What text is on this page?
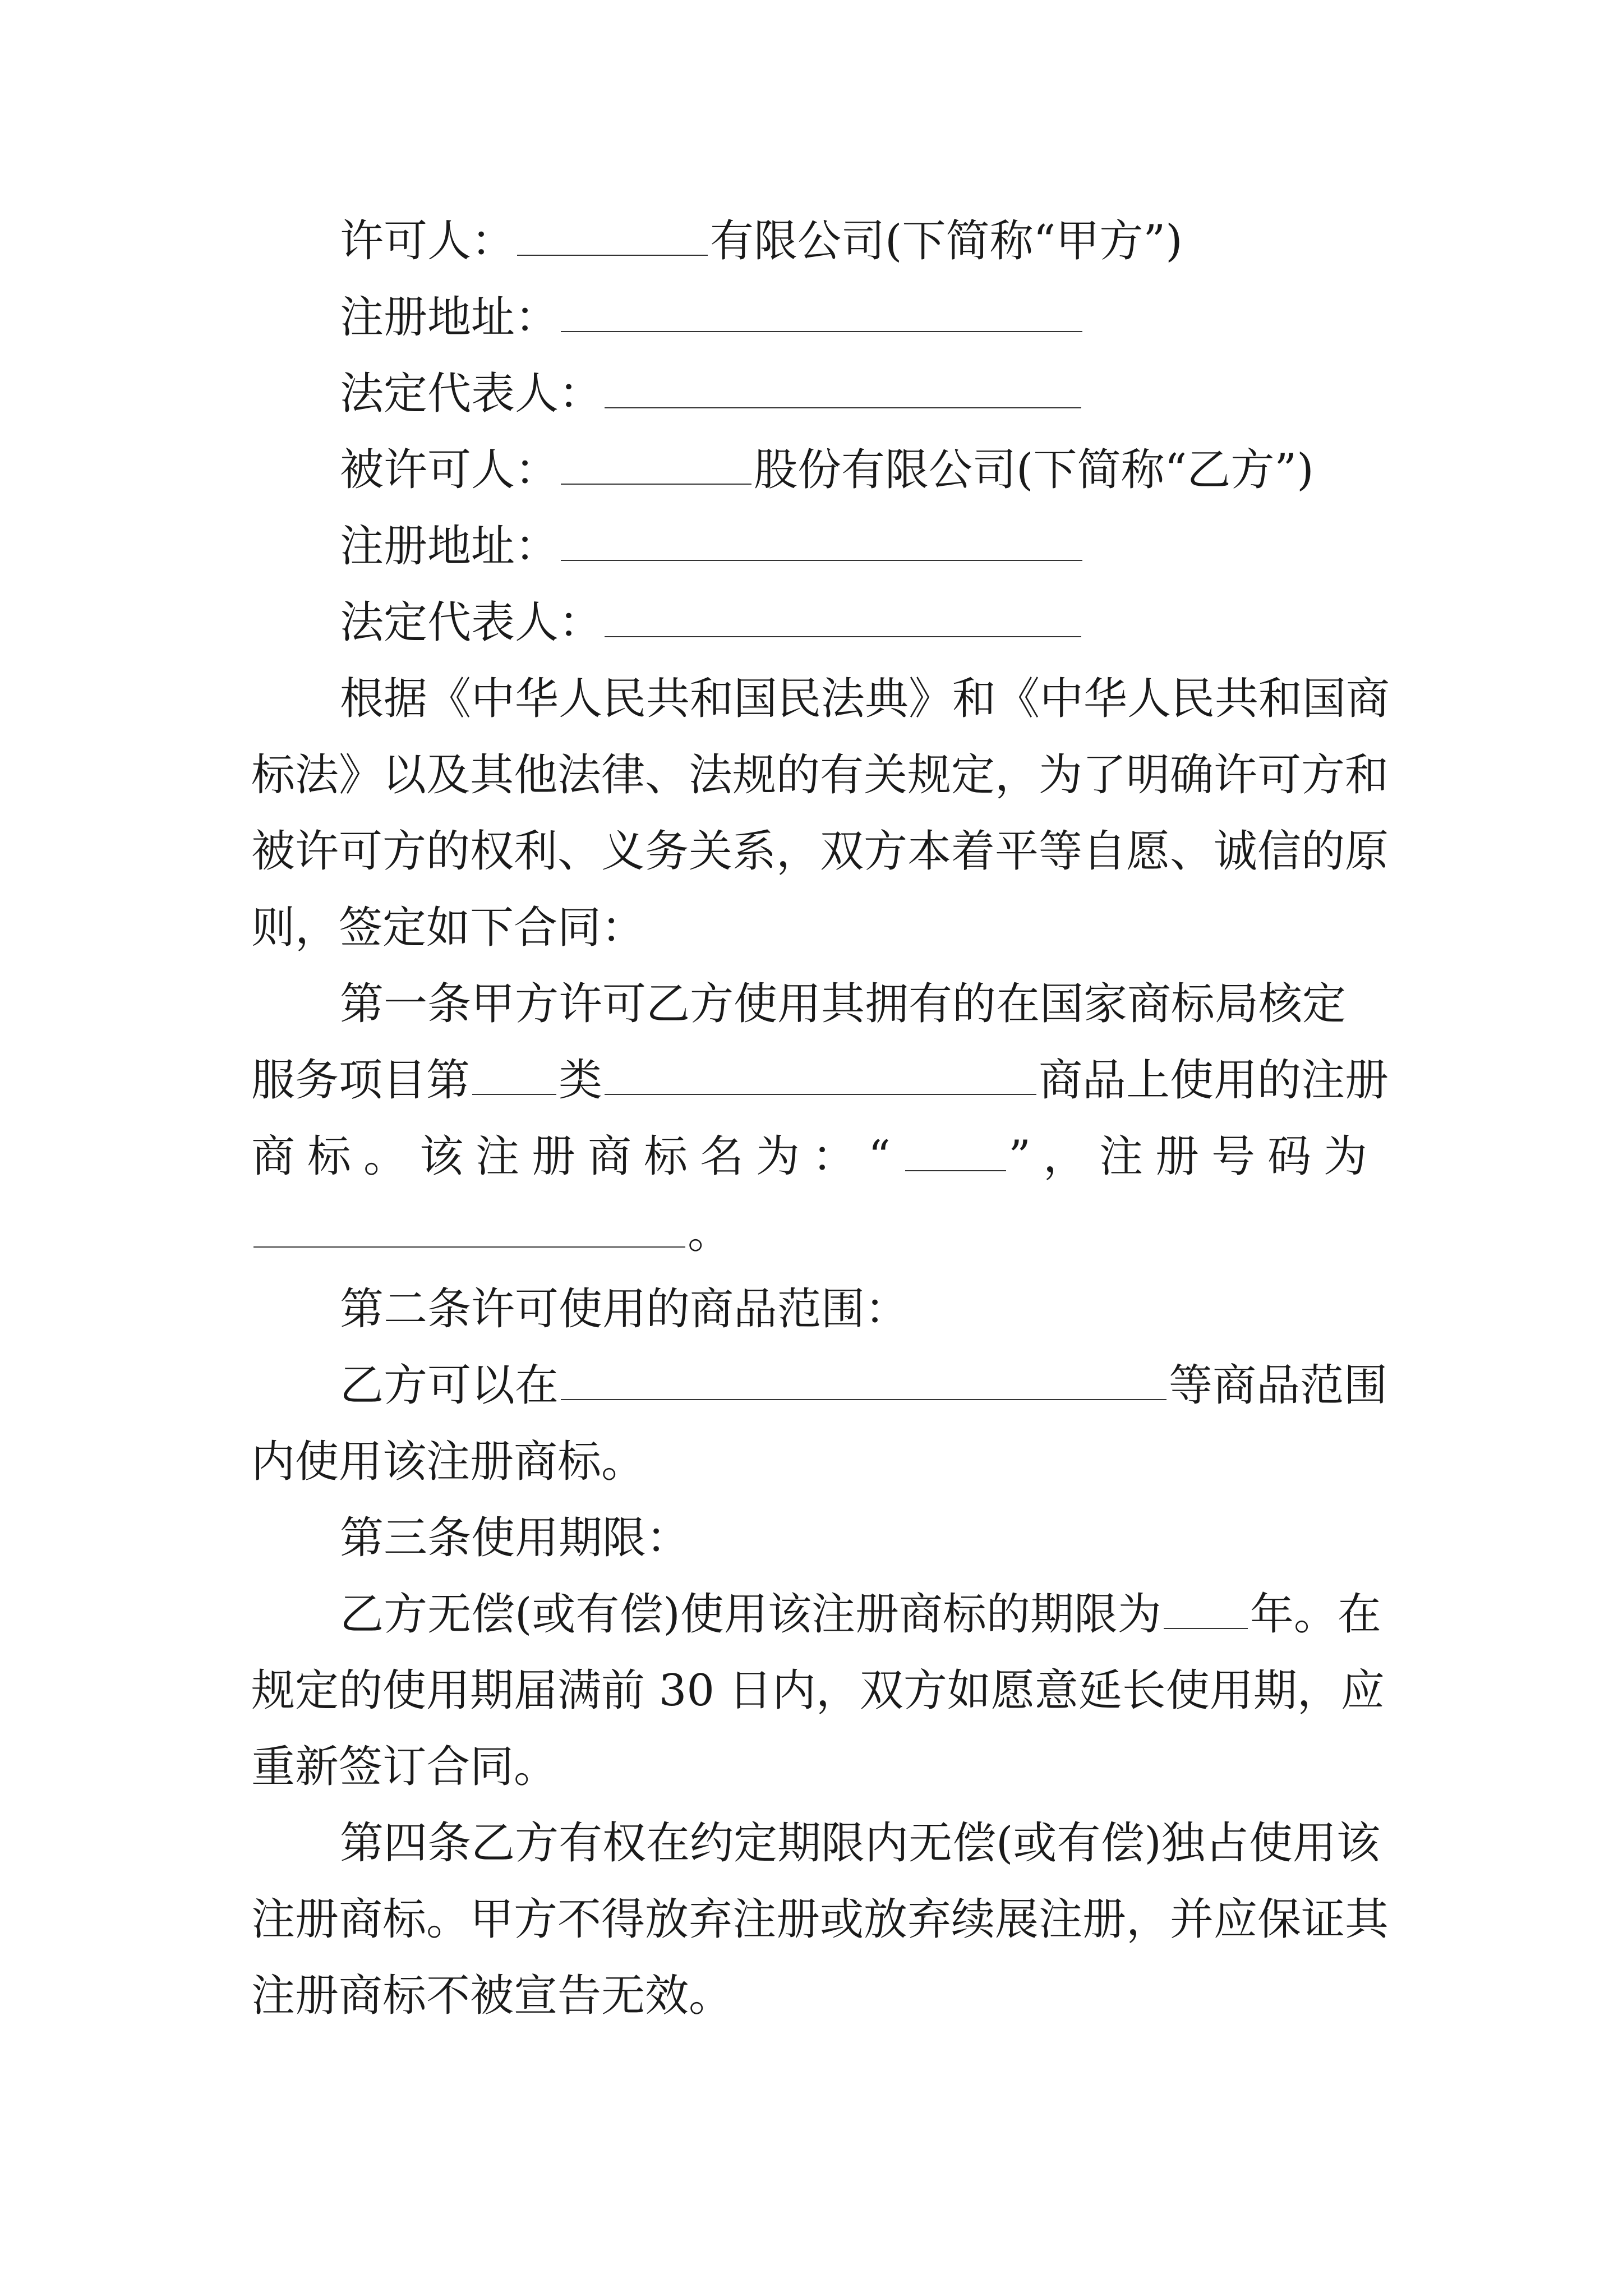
许可人：	有限公司(下简称“甲方”)
注册地址：
法定代表人：
被许可人：	股份有限公司(下简称“乙方”)
注册地址：
法定代表人：
根据《中华人民共和国民法典》和《中华人民共和国商
标法》以及其他法律、法规的有关规定，为了明确许可方和
被许可方的权利、义务关系，双方本着平等自愿、诚信的原
则，签定如下合同：
第一条甲方许可乙方使用其拥有的在国家商标局核定
服务项目第 类	商品上使用的注册
商标。该注册商标名为：“ ”，注册号码为
。
第二条许可使用的商品范围：
乙方可以在	等商品范围
内使用该注册商标。
第三条使用期限：
乙方无偿(或有偿)使用该注册商标的期限为 年。在
规定的使用期届满前 30 日内，双方如愿意延长使用期，应
重新签订合同。
第四条乙方有权在约定期限内无偿(或有偿)独占使用该
注册商标。甲方不得放弃注册或放弃续展注册，并应保证其
注册商标不被宣告无效。
